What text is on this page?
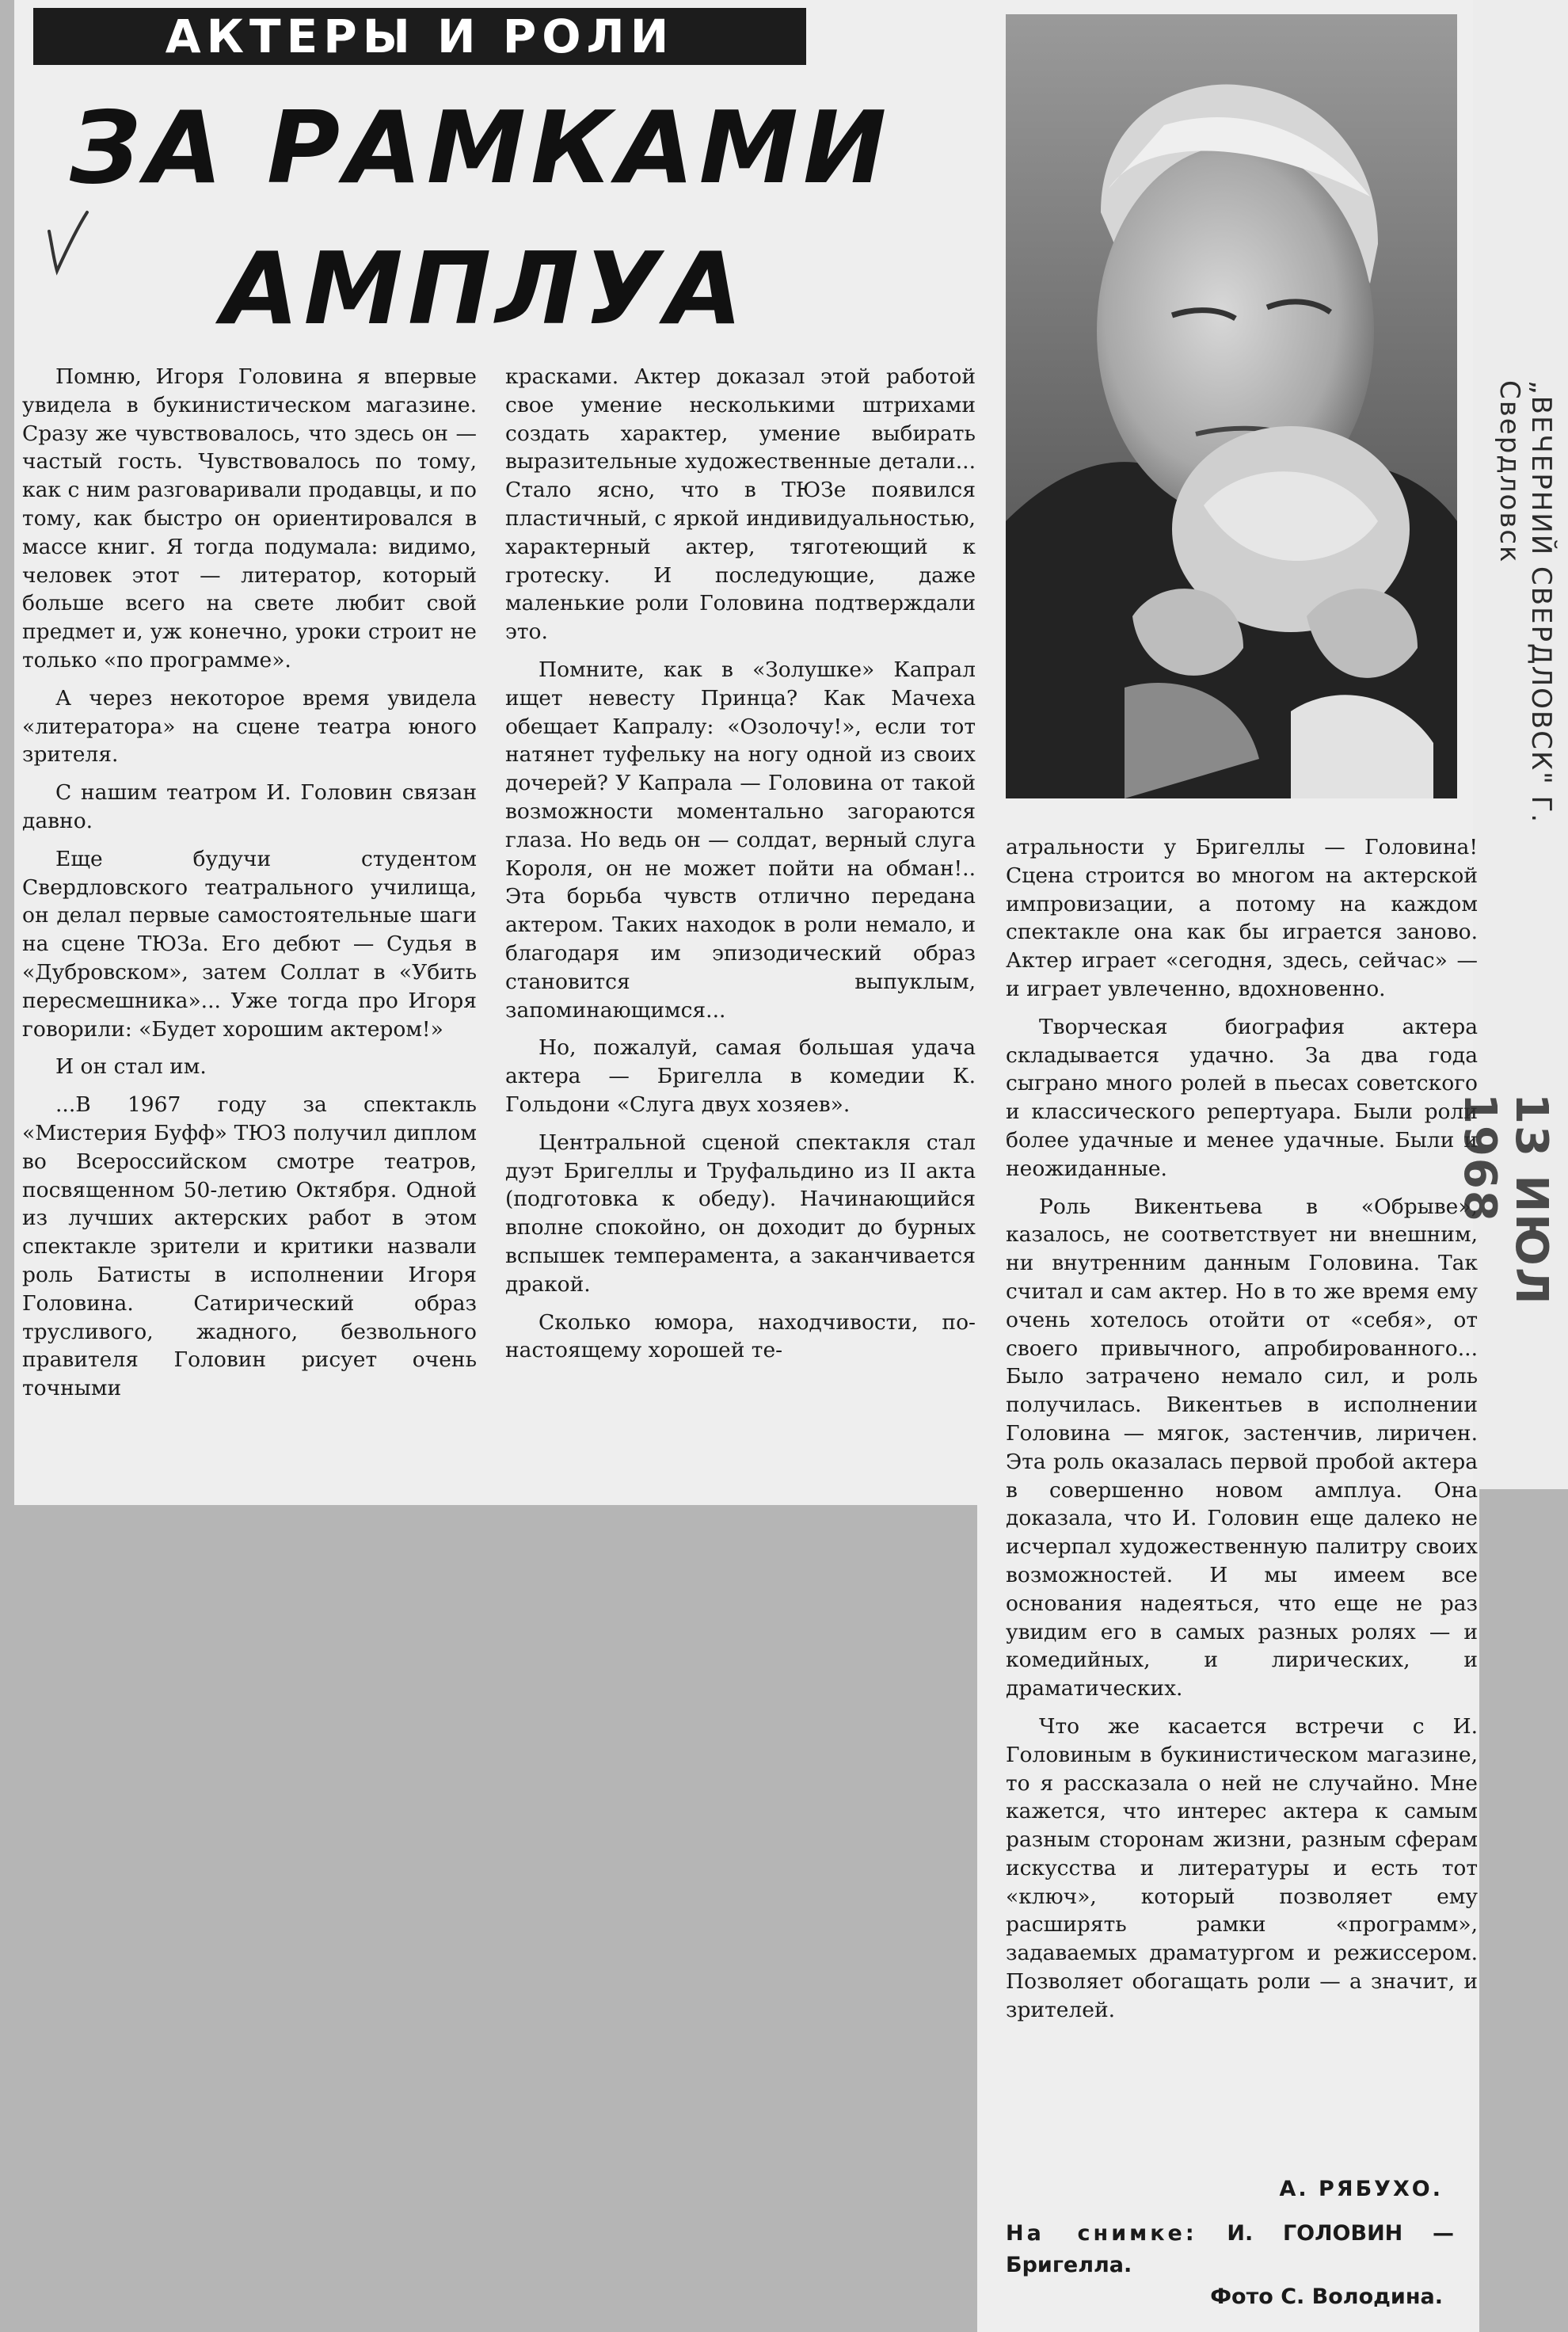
АКТЕРЫ И РОЛИ
ЗА РАМКАМИ
АМПЛУА

Помню, Игоря Головина я впервые увидела в букинистическом магазине. Сразу же чувствовалось, что здесь он — частый гость. Чувствовалось по тому, как с ним разговаривали продавцы, и по тому, как быстро он ориентировался в массе книг. Я тогда подумала: видимо, человек этот — литератор, который больше всего на свете любит свой предмет и, уж конечно, уроки строит не только «по программе».

А через некоторое время увидела «литератора» на сцене театра юного зрителя.

С нашим театром И. Головин связан давно.

Еще будучи студентом Свердловского театрального училища, он делал первые самостоятельные шаги на сцене ТЮЗа. Его дебют — Судья в «Дубровском», затем Соллат в «Убить пересмешника»... Уже тогда про Игоря говорили: «Будет хорошим актером!»

И он стал им.

...В 1967 году за спектакль «Мистерия Буфф» ТЮЗ получил диплом во Всероссийском смотре театров, посвященном 50-летию Октября. Одной из лучших актерских работ в этом спектакле зрители и критики назвали роль Батисты в исполнении Игоря Головина. Сатирический образ трусливого, жадного, безвольного правителя Головин рисует очень точными

красками. Актер доказал этой работой свое умение несколькими штрихами создать характер, умение выбирать выразительные художественные детали... Стало ясно, что в ТЮЗе появился пластичный, с яркой индивидуальностью, характерный актер, тяготеющий к гротеску. И последующие, даже маленькие роли Головина подтверждали это.

Помните, как в «Золушке» Капрал ищет невесту Принца? Как Мачеха обещает Капралу: «Озолочу!», если тот натянет туфельку на ногу одной из своих дочерей? У Капрала — Головина от такой возможности моментально загораются глаза. Но ведь он — солдат, верный слуга Короля, он не может пойти на обман!.. Эта борьба чувств отлично передана актером. Таких находок в роли немало, и благодаря им эпизодический образ становится выпуклым, запоминающимся...

Но, пожалуй, самая большая удача актера — Бригелла в комедии К. Гольдони «Слуга двух хозяев».

Центральной сценой спектакля стал дуэт Бригеллы и Труфальдино из II акта (подготовка к обеду). Начинающийся вполне спокойно, он доходит до бурных вспышек темперамента, а заканчивается дракой.

Сколько юмора, находчивости, по-настоящему хорошей те-

атральности у Бригеллы — Головина! Сцена строится во многом на актерской импровизации, а потому на каждом спектакле она как бы играется заново. Актер играет «сегодня, здесь, сейчас» — и играет увлеченно, вдохновенно.

Творческая биография актера складывается удачно. За два года сыграно много ролей в пьесах советского и классического репертуара. Были роли более удачные и менее удачные. Были и неожиданные.

Роль Викентьева в «Обрыве», казалось, не соответствует ни внешним, ни внутренним данным Головина. Так считал и сам актер. Но в то же время ему очень хотелось отойти от «себя», от своего привычного, апробированного... Было затрачено немало сил, и роль получилась. Викентьев в исполнении Головина — мягок, застенчив, лиричен. Эта роль оказалась первой пробой актера в совершенно новом амплуа. Она доказала, что И. Головин еще далеко не исчерпал художественную палитру своих возможностей. И мы имеем все основания надеяться, что еще не раз увидим его в самых разных ролях — и комедийных, и лирических, и драматических.

Что же касается встречи с И. Головиным в букинистическом магазине, то я рассказала о ней не случайно. Мне кажется, что интерес актера к самым разным сторонам жизни, разным сферам искусства и литературы и есть тот «ключ», который позволяет ему расширять рамки «программ», задаваемых драматургом и режиссером. Позволяет обогащать роли — а значит, и зрителей.

А. РЯБУХО.
На снимке: И. ГОЛОВИН — Бригелла.
Фото С. Володина.
„ВЕЧЕРНИЙ СВЕРДЛОВСК" Г. Свердловск
13 ИЮЛ 1968
